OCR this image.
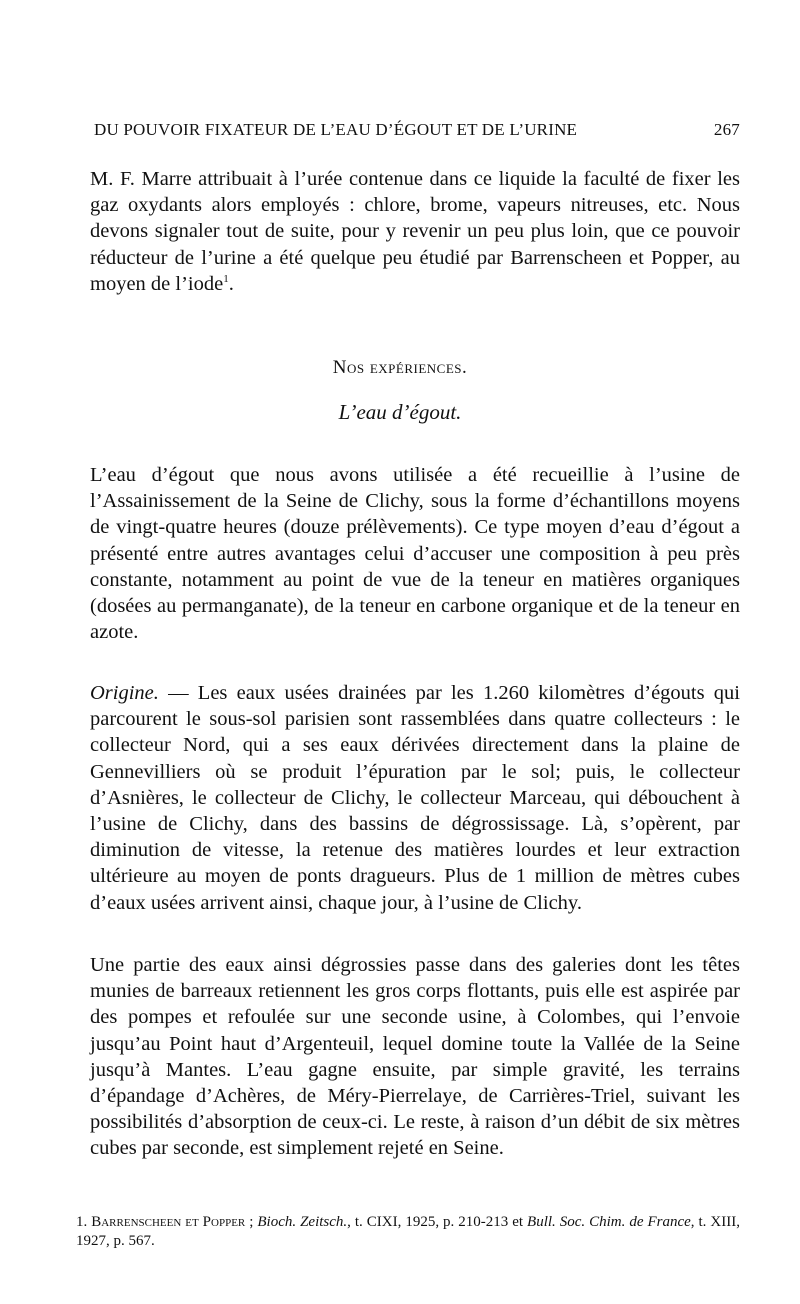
DU POUVOIR FIXATEUR DE L’EAU D’ÉGOUT ET DE L’URINE	267
M. F. Marre attribuait à l’urée contenue dans ce liquide la faculté de fixer les gaz oxydants alors employés : chlore, brome, vapeurs nitreuses, etc. Nous devons signaler tout de suite, pour y revenir un peu plus loin, que ce pouvoir réducteur de l’urine a été quelque peu étudié par Barrenscheen et Popper, au moyen de l’iode$^1$.
Nos expériences.
L’eau d’égout.
L’eau d’égout que nous avons utilisée a été recueillie à l’usine de l’Assainissement de la Seine de Clichy, sous la forme d’échantillons moyens de vingt-quatre heures (douze prélèvements). Ce type moyen d’eau d’égout a présenté entre autres avantages celui d’accuser une composition à peu près constante, notamment au point de vue de la teneur en matières organiques (dosées au permanganate), de la teneur en carbone organique et de la teneur en azote.
Origine. — Les eaux usées drainées par les 1.260 kilomètres d’égouts qui parcourent le sous-sol parisien sont rassemblées dans quatre collecteurs : le collecteur Nord, qui a ses eaux dérivées directement dans la plaine de Gennevilliers où se produit l’épuration par le sol; puis, le collecteur d’Asnières, le collecteur de Clichy, le collecteur Marceau, qui débouchent à l’usine de Clichy, dans des bassins de dégrossissage. Là, s’opèrent, par diminution de vitesse, la retenue des matières lourdes et leur extraction ultérieure au moyen de ponts dragueurs. Plus de 1 million de mètres cubes d’eaux usées arrivent ainsi, chaque jour, à l’usine de Clichy.
Une partie des eaux ainsi dégrossies passe dans des galeries dont les têtes munies de barreaux retiennent les gros corps flottants, puis elle est aspirée par des pompes et refoulée sur une seconde usine, à Colombes, qui l’envoie jusqu’au Point haut d’Argenteuil, lequel domine toute la Vallée de la Seine jusqu’à Mantes. L’eau gagne ensuite, par simple gravité, les terrains d’épandage d’Achères, de Méry-Pierrelaye, de Carrières-Triel, suivant les possibilités d’absorption de ceux-ci. Le reste, à raison d’un débit de six mètres cubes par seconde, est simplement rejeté en Seine.
1. Barrenscheen et Popper ; Bioch. Zeitsch., t. CIXI, 1925, p. 210-213 et Bull. Soc. Chim. de France, t. XIII, 1927, p. 567.
